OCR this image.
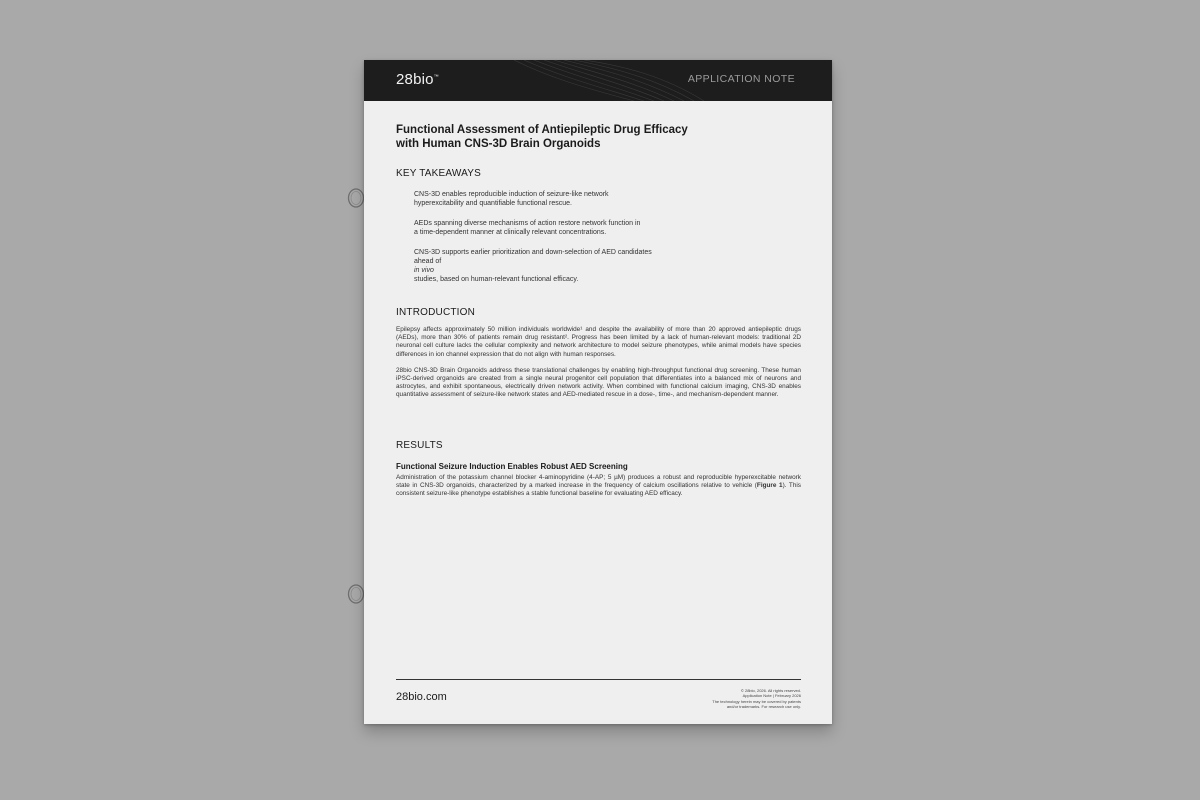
28bio™	APPLICATION NOTE
Functional Assessment of Antiepileptic Drug Efficacy
with Human CNS-3D Brain Organoids
KEY TAKEAWAYS
CNS-3D enables reproducible induction of seizure-like network
hyperexcitability and quantifiable functional rescue.
AEDs spanning diverse mechanisms of action restore network function in
a time-dependent manner at clinically relevant concentrations.
CNS-3D supports earlier prioritization and down-selection of AED candidates
ahead of
in vivo
studies, based on human-relevant functional efficacy.
INTRODUCTION

Epilepsy affects approximately 50 million individuals worldwide¹ and despite the availability of more than 20 approved antiepileptic drugs (AEDs), more than 30% of patients remain drug resistant². Progress has been limited by a lack of human-relevant models: traditional 2D neuronal cell culture lacks the cellular complexity and network architecture to model seizure phenotypes, while animal models have species differences in ion channel expression that do not align with human responses.

28bio CNS-3D Brain Organoids address these translational challenges by enabling high-throughput functional drug screening. These human iPSC-derived organoids are created from a single neural progenitor cell population that differentiates into a balanced mix of neurons and astrocytes, and exhibit spontaneous, electrically driven network activity. When combined with functional calcium imaging, CNS-3D enables quantitative assessment of seizure-like network states and AED-mediated rescue in a dose-, time-, and mechanism-dependent manner.

RESULTS
Functional Seizure Induction Enables Robust AED Screening

Administration of the potassium channel blocker 4-aminopyridine (4-AP; 5 µM) produces a robust and reproducible hyperexcitable network state in CNS-3D organoids, characterized by a marked increase in the frequency of calcium oscillations relative to vehicle (Figure 1). This consistent seizure-like phenotype establishes a stable functional baseline for evaluating AED efficacy.

28bio.com
© 28bio, 2026. All rights reserved.
Application Note | February 2026
The technology herein may be covered by patents
and/or trademarks. For research use only.
